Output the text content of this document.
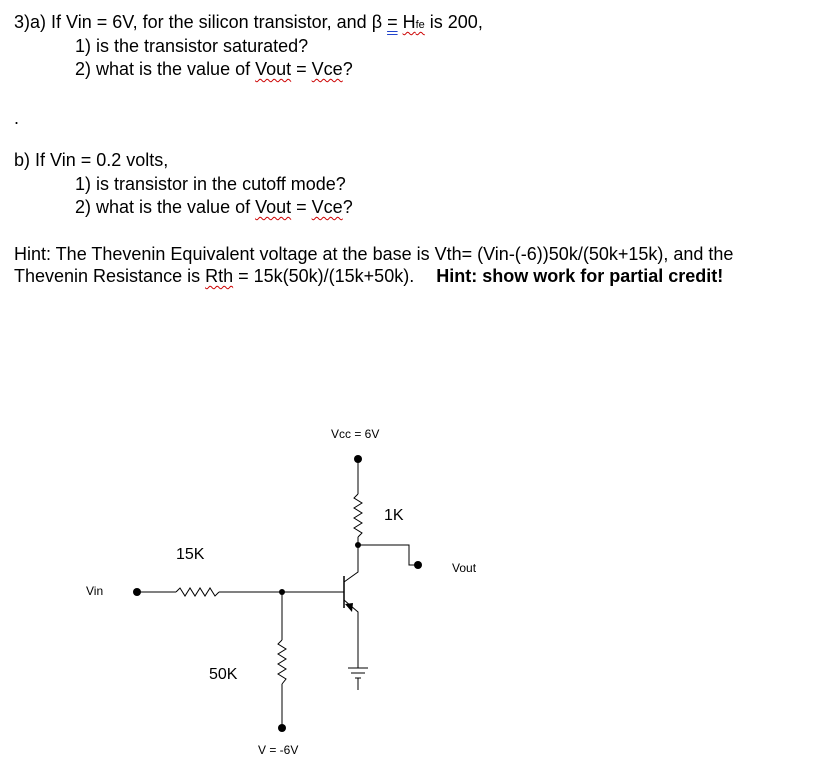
3)a) If Vin = 6V, for the silicon transistor, and β = Hfe is 200,
1) is the transistor saturated?
2) what is the value of Vout = Vce?
.
b) If Vin = 0.2 volts,
1) is transistor in the cutoff mode?
2) what is the value of Vout = Vce?
Hint: The Thevenin Equivalent voltage at the base is Vth= (Vin-(-6))50k/(50k+15k), and the
Thevenin Resistance is Rth = 15k(50k)/(15k+50k). Hint: show work for partial credit!
Vcc = 6V
1K
15K
50K
Vin
Vout
V = -6V
